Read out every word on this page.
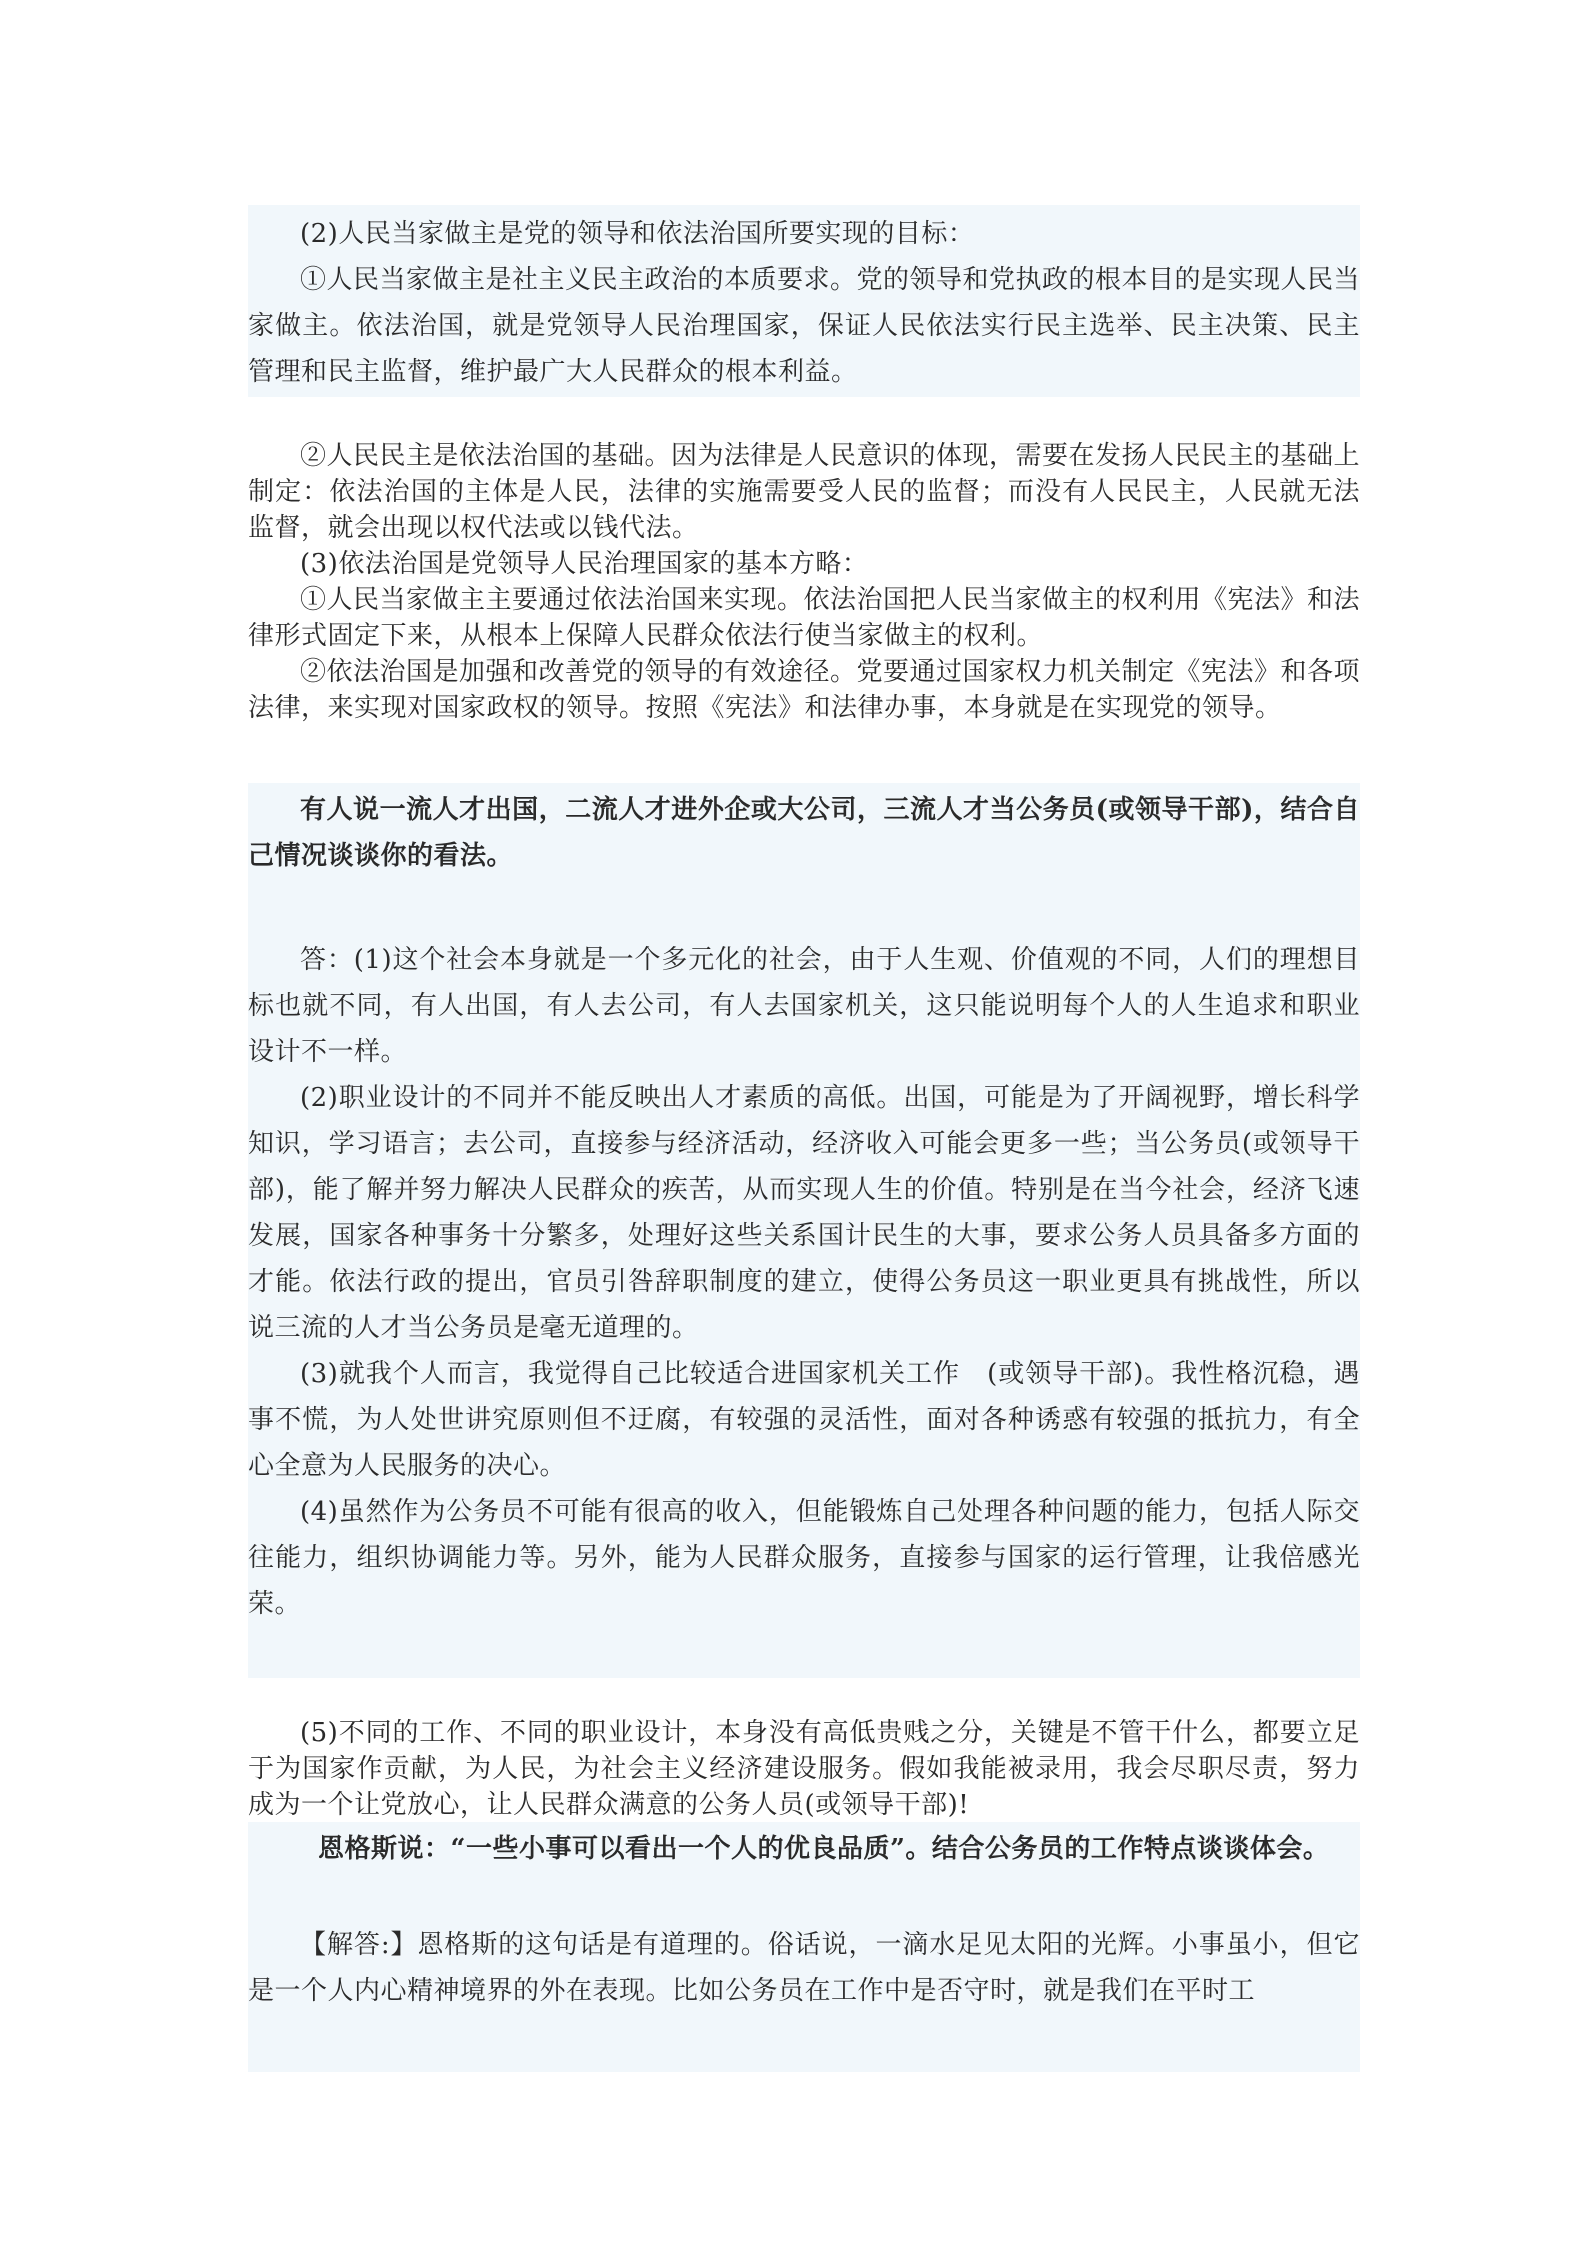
(2)人民当家做主是党的领导和依法治国所要实现的目标：

①人民当家做主是社主义民主政治的本质要求。党的领导和党执政的根本目的是实现人民当家做主。依法治国，就是党领导人民治理国家，保证人民依法实行民主选举、民主决策、民主管理和民主监督，维护最广大人民群众的根本利益。

②人民民主是依法治国的基础。因为法律是人民意识的体现，需要在发扬人民民主的基础上制定：依法治国的主体是人民，法律的实施需要受人民的监督；而没有人民民主，人民就无法监督，就会出现以权代法或以钱代法。

(3)依法治国是党领导人民治理国家的基本方略：

①人民当家做主主要通过依法治国来实现。依法治国把人民当家做主的权利用《宪法》和法律形式固定下来，从根本上保障人民群众依法行使当家做主的权利。

②依法治国是加强和改善党的领导的有效途径。党要通过国家权力机关制定《宪法》和各项法律，来实现对国家政权的领导。按照《宪法》和法律办事，本身就是在实现党的领导。

有人说一流人才出国，二流人才进外企或大公司，三流人才当公务员(或领导干部)，结合自己情况谈谈你的看法。

答：(1)这个社会本身就是一个多元化的社会，由于人生观、价值观的不同，人们的理想目标也就不同，有人出国，有人去公司，有人去国家机关，这只能说明每个人的人生追求和职业设计不一样。

(2)职业设计的不同并不能反映出人才素质的高低。出国，可能是为了开阔视野，增长科学知识，学习语言；去公司，直接参与经济活动，经济收入可能会更多一些；当公务员(或领导干部)，能了解并努力解决人民群众的疾苦，从而实现人生的价值。特别是在当今社会，经济飞速发展，国家各种事务十分繁多，处理好这些关系国计民生的大事，要求公务人员具备多方面的才能。依法行政的提出，官员引咎辞职制度的建立，使得公务员这一职业更具有挑战性，所以说三流的人才当公务员是毫无道理的。

(3)就我个人而言，我觉得自己比较适合进国家机关工作　(或领导干部)。我性格沉稳，遇事不慌，为人处世讲究原则但不迂腐，有较强的灵活性，面对各种诱惑有较强的抵抗力，有全心全意为人民服务的决心。

(4)虽然作为公务员不可能有很高的收入，但能锻炼自己处理各种问题的能力，包括人际交往能力，组织协调能力等。另外，能为人民群众服务，直接参与国家的运行管理，让我倍感光荣。

(5)不同的工作、不同的职业设计，本身没有高低贵贱之分，关键是不管干什么，都要立足于为国家作贡献，为人民，为社会主义经济建设服务。假如我能被录用，我会尽职尽责，努力成为一个让党放心，让人民群众满意的公务人员(或领导干部)!

恩格斯说：“一些小事可以看出一个人的优良品质”。结合公务员的工作特点谈谈体会。

【解答:】恩格斯的这句话是有道理的。俗话说，一滴水足见太阳的光辉。小事虽小，但它是一个人内心精神境界的外在表现。比如公务员在工作中是否守时，就是我们在平时工
